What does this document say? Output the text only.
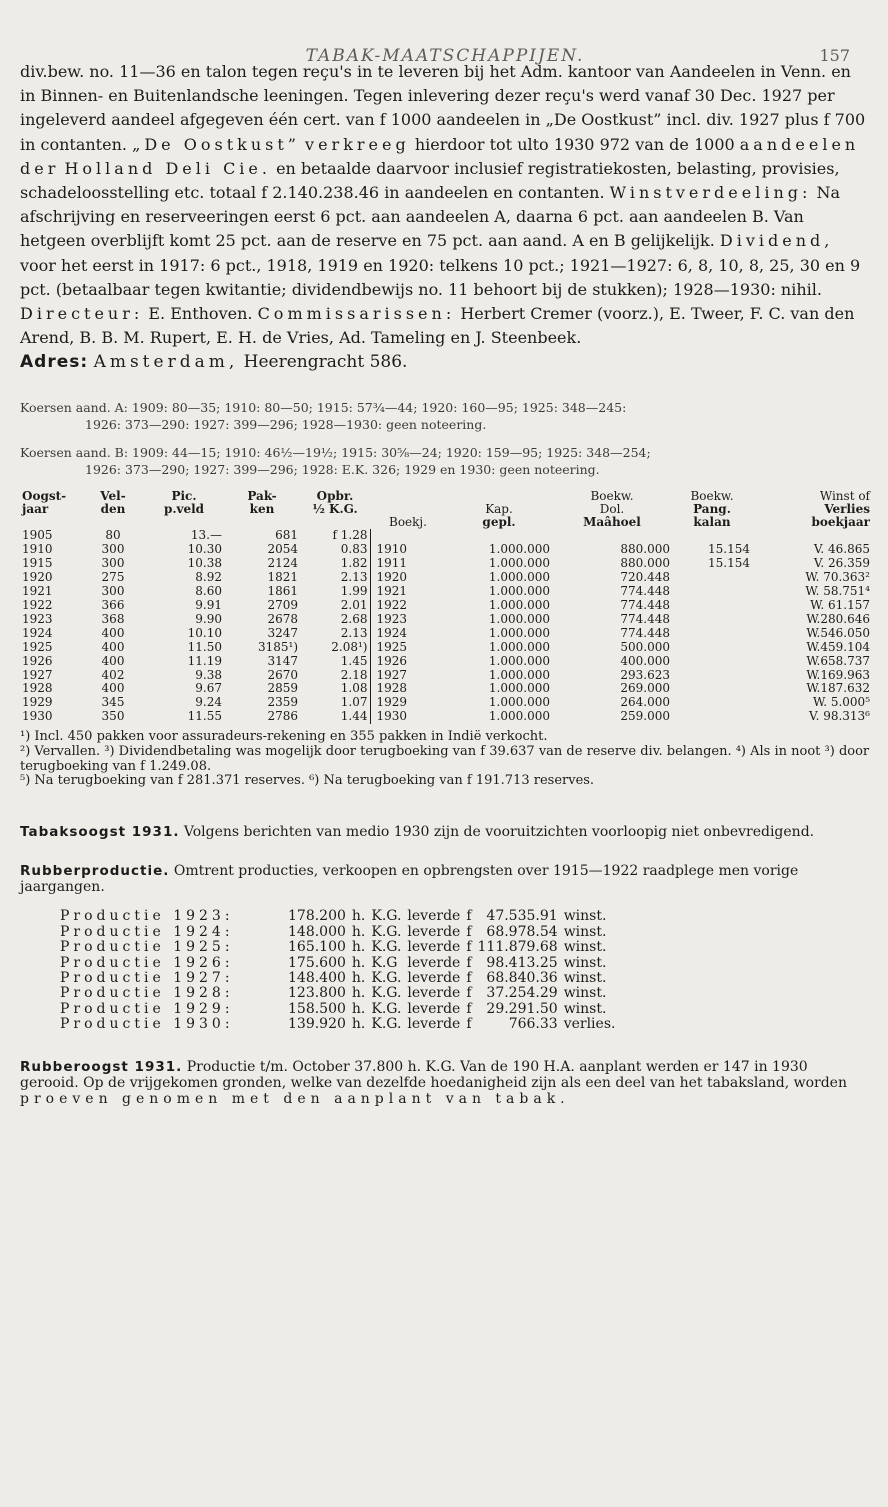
TABAK-MAATSCHAPPIJEN.	157

div.bew. no. 11—36 en talon tegen reçu's in te leveren bij het Adm. kantoor van Aandeelen in Venn. en in Binnen- en Buitenlandsche leeningen. Tegen inlevering dezer reçu's werd vanaf 30 Dec. 1927 per ingeleverd aandeel afgegeven één cert. van f 1000 aandeelen in „De Oostkust” incl. div. 1927 plus f 700 in contanten. „De Oostkust” verkreeg hierdoor tot ulto 1930 972 van de 1000 aandeelen der Holland Deli Cie. en betaalde daarvoor inclusief registratiekosten, belasting, provisies, schadeloosstelling etc. totaal f 2.140.238.46 in aandeelen en contanten. Winstverdeeling: Na afschrijving en reserveeringen eerst 6 pct. aan aandeelen A, daarna 6 pct. aan aandeelen B. Van hetgeen overblijft komt 25 pct. aan de reserve en 75 pct. aan aand. A en B gelijkelijk. Dividend, voor het eerst in 1917: 6 pct., 1918, 1919 en 1920: telkens 10 pct.; 1921—1927: 6, 8, 10, 8, 25, 30 en 9 pct. (betaalbaar tegen kwitantie; dividendbewijs no. 11 behoort bij de stukken); 1928—1930: nihil. Directeur: E. Enthoven. Commissarissen: Herbert Cremer (voorz.), E. Tweer, F. C. van den Arend, B. B. M. Rupert, E. H. de Vries, Ad. Tameling en J. Steenbeek.

Adres: Amsterdam, Heerengracht 586.

Koersen aand. A: 1909: 80—35; 1910: 80—50; 1915: 57¾—44; 1920: 160—95; 1925: 348—245:
1926: 373—290: 1927: 399—296; 1928—1930: geen noteering.
Koersen aand. B: 1909: 44—15; 1910: 46½—19½; 1915: 30⅝—24; 1920: 159—95; 1925: 348—254;
1926: 373—290; 1927: 399—296; 1928: E.K. 326; 1929 en 1930: geen noteering.
Oogst-	Vel-	Pic.	Pak-	Opbr.			Boekw.	Boekw.	Winst of
jaar	den	p.veld	ken	½ K.G.		Kap.	Dol.	Pang.	Verlies
					Boekj.	gepl.	Maâhoel	kalan	boekjaar
1905	80	13.—	681	f 1.28					
1910	300	10.30	2054	0.83	1910	1.000.000	880.000	15.154	V. 46.865
1915	300	10.38	2124	1.82	1911	1.000.000	880.000	15.154	V. 26.359
1920	275	8.92	1821	2.13	1920	1.000.000	720.448		W. 70.363²
1921	300	8.60	1861	1.99	1921	1.000.000	774.448		W. 58.751⁴
1922	366	9.91	2709	2.01	1922	1.000.000	774.448		W. 61.157
1923	368	9.90	2678	2.68	1923	1.000.000	774.448		W.280.646
1924	400	10.10	3247	2.13	1924	1.000.000	774.448		W.546.050
1925	400	11.50	3185¹)	2.08¹)	1925	1.000.000	500.000		W.459.104
1926	400	11.19	3147	1.45	1926	1.000.000	400.000		W.658.737
1927	402	9.38	2670	2.18	1927	1.000.000	293.623		W.169.963
1928	400	9.67	2859	1.08	1928	1.000.000	269.000		W.187.632
1929	345	9.24	2359	1.07	1929	1.000.000	264.000		W. 5.000⁵
1930	350	11.55	2786	1.44	1930	1.000.000	259.000		V. 98.313⁶

¹) Incl. 450 pakken voor assuradeurs-rekening en 355 pakken in Indië verkocht.

²) Vervallen. ³) Dividendbetaling was mogelijk door terugboeking van f 39.637 van de reserve div. belangen. ⁴) Als in noot ³) door terugboeking van f 1.249.08.

⁵) Na terugboeking van f 281.371 reserves. ⁶) Na terugboeking van f 191.713 reserves.

Tabaksoogst 1931. Volgens berichten van medio 1930 zijn de vooruitzichten voorloopig niet onbevredigend.

Rubberproductie. Omtrent producties, verkoopen en opbrengsten over 1915—1922 raadplege men vorige jaargangen.

Productie 1923:	178.200	h.	K.G.	leverde	f	47.535.91	winst.
Productie 1924:	148.000	h.	K.G.	leverde	f	68.978.54	winst.
Productie 1925:	165.100	h.	K.G.	leverde	f	111.879.68	winst.
Productie 1926:	175.600	h.	K.G	leverde	f	98.413.25	winst.
Productie 1927:	148.400	h.	K.G.	leverde	f	68.840.36	winst.
Productie 1928:	123.800	h.	K.G.	leverde	f	37.254.29	winst.
Productie 1929:	158.500	h.	K.G.	leverde	f	29.291.50	winst.
Productie 1930:	139.920	h.	K.G.	leverde	f	766.33	verlies.

Rubberoogst 1931. Productie t/m. October 37.800 h. K.G. Van de 190 H.A. aanplant werden er 147 in 1930 gerooid. Op de vrijgekomen gronden, welke van dezelfde hoedanigheid zijn als een deel van het tabaksland, worden proeven genomen met den aanplant van tabak.
